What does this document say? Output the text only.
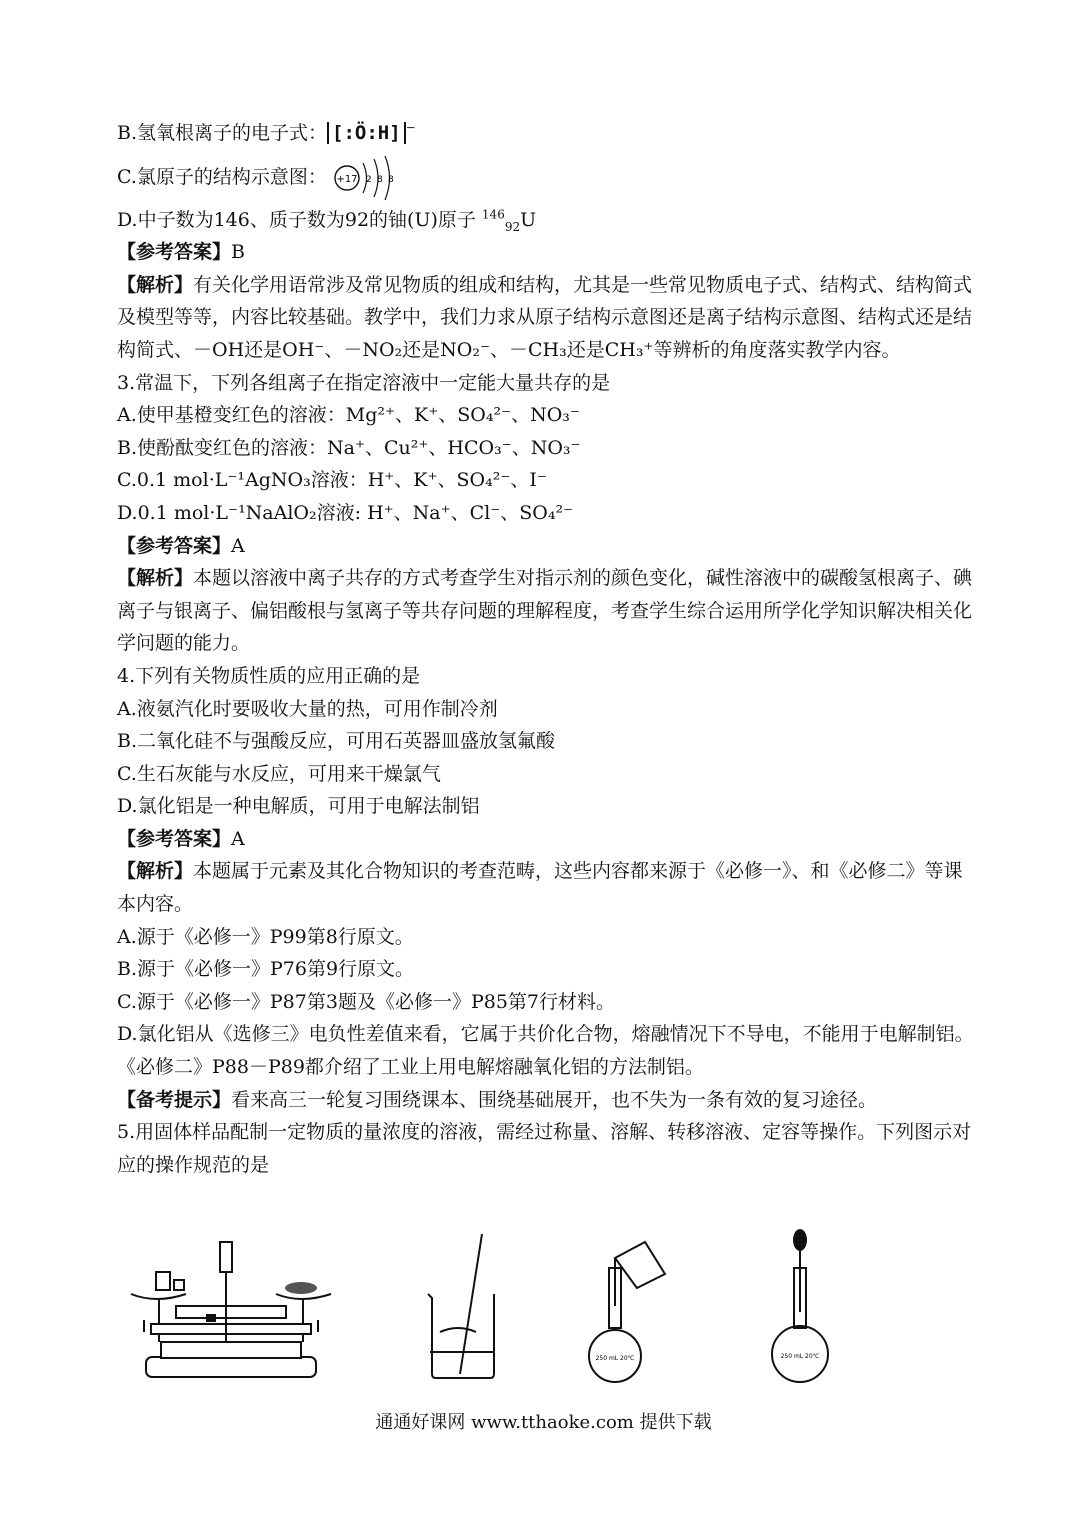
B.氢氧根离子的电子式： [:Ö:H] −
C.氯原子的结构示意图： +17 2 8 8
D.中子数为146、质子数为92的铀(U)原子 $^{146}_{92}$U
【参考答案】B
【解析】有关化学用语常涉及常见物质的组成和结构，尤其是一些常见物质电子式、结构式、结构简式及模型等等，内容比较基础。教学中，我们力求从原子结构示意图还是离子结构示意图、结构式还是结构简式、－OH还是OH⁻、－NO₂还是NO₂⁻、－CH₃还是CH₃⁺等辨析的角度落实教学内容。
3.常温下，下列各组离子在指定溶液中一定能大量共存的是
A.使甲基橙变红色的溶液：Mg²⁺、K⁺、SO₄²⁻、NO₃⁻
B.使酚酞变红色的溶液：Na⁺、Cu²⁺、HCO₃⁻、NO₃⁻
C.0.1 mol·L⁻¹AgNO₃溶液：H⁺、K⁺、SO₄²⁻、I⁻
D.0.1 mol·L⁻¹NaAlO₂溶液: H⁺、Na⁺、Cl⁻、SO₄²⁻
【参考答案】A
【解析】本题以溶液中离子共存的方式考查学生对指示剂的颜色变化，碱性溶液中的碳酸氢根离子、碘离子与银离子、偏铝酸根与氢离子等共存问题的理解程度，考查学生综合运用所学化学知识解决相关化学问题的能力。
4.下列有关物质性质的应用正确的是
A.液氨汽化时要吸收大量的热，可用作制冷剂
B.二氧化硅不与强酸反应，可用石英器皿盛放氢氟酸
C.生石灰能与水反应，可用来干燥氯气
D.氯化铝是一种电解质，可用于电解法制铝
【参考答案】A
【解析】本题属于元素及其化合物知识的考查范畴，这些内容都来源于《必修一》、和《必修二》等课本内容。
A.源于《必修一》P99第8行原文。
B.源于《必修一》P76第9行原文。
C.源于《必修一》P87第3题及《必修一》P85第7行材料。
D.氯化铝从《选修三》电负性差值来看，它属于共价化合物，熔融情况下不导电，不能用于电解制铝。《必修二》P88－P89都介绍了工业上用电解熔融氧化铝的方法制铝。
【备考提示】看来高三一轮复习围绕课本、围绕基础展开，也不失为一条有效的复习途径。
5.用固体样品配制一定物质的量浓度的溶液，需经过称量、溶解、转移溶液、定容等操作。下列图示对应的操作规范的是
250 mL 20℃	250 mL 20℃
通通好课网 www.tthaoke.com 提供下载
